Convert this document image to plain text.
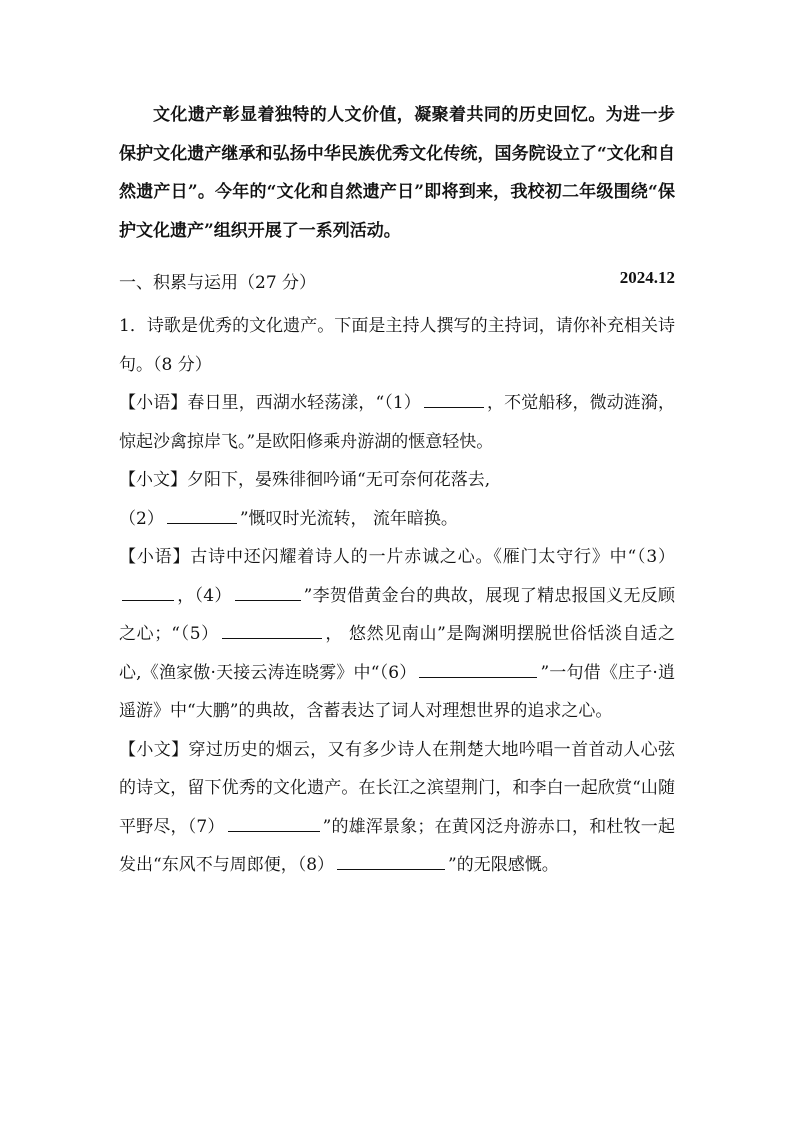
文化遗产彰显着独特的人文价值，凝聚着共同的历史回忆。为进一步保护文化遗产继承和弘扬中华民族优秀文化传统，国务院设立了“文化和自然遗产日”。今年的“文化和自然遗产日”即将到来，我校初二年级围绕“保护文化遗产”组织开展了一系列活动。
一、积累与运用（27 分）	2024.12

1．诗歌是优秀的文化遗产。下面是主持人撰写的主持词，请你补充相关诗句。（8 分）

【小语】春日里，西湖水轻荡漾，“（1）	，不觉船移，微动涟漪，惊起沙禽掠岸飞。”是欧阳修乘舟游湖的惬意轻快。

【小文】夕阳下，晏殊徘徊吟诵“无可奈何花落去,
（2）	”慨叹时光流转， 流年暗换。

【小语】古诗中还闪耀着诗人的一片赤诚之心。《雁门太守行》中“（3），（4）	”李贺借黄金台的典故，展现了精忠报国义无反顾之心；“（5）	， 悠然见南山”是陶渊明摆脱世俗恬淡自适之心,《渔家傲·天接云涛连晓雾》中“（6）	”一句借《庄子·逍遥游》中“大鹏”的典故，含蓄表达了词人对理想世界的追求之心。

【小文】穿过历史的烟云，又有多少诗人在荆楚大地吟唱一首首动人心弦的诗文，留下优秀的文化遗产。在长江之滨望荆门，和李白一起欣赏“山随平野尽，（7）	”的雄浑景象；在黄冈泛舟游赤口，和杜牧一起发出“东风不与周郎便，（8）	”的无限感慨。
